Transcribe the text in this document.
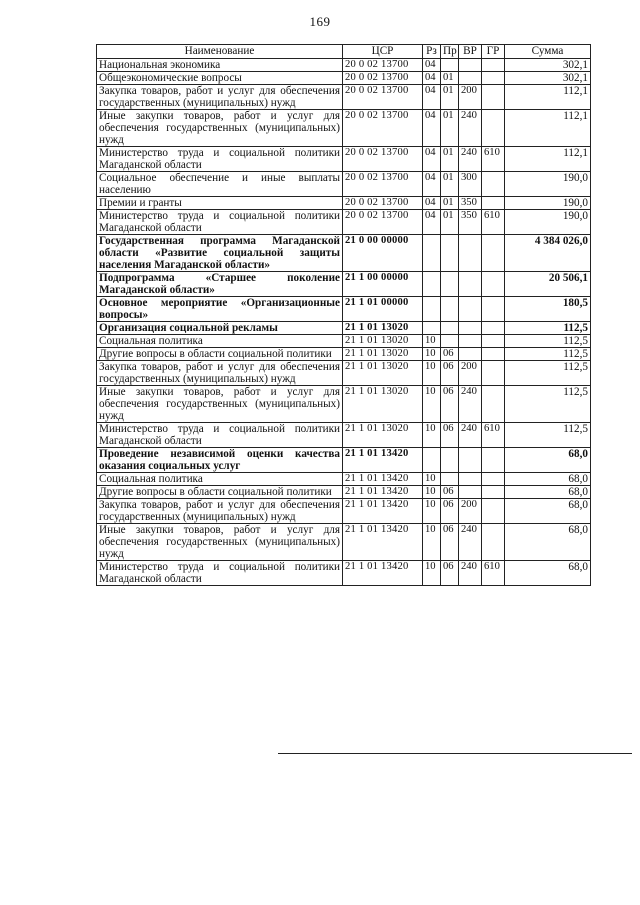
169
Наименование	ЦСР	Рз	Пр	ВР	ГР	Сумма
Национальная экономика	20 0 02 13700	04				302,1
Общеэкономические вопросы	20 0 02 13700	04	01			302,1
Закупка товаров, работ и услуг для обеспечения государственных (муниципальных) нужд	20 0 02 13700	04	01	200		112,1
Иные закупки товаров, работ и услуг для обеспечения государственных (муниципальных) нужд	20 0 02 13700	04	01	240		112,1
Министерство труда и социальной политики Магаданской области	20 0 02 13700	04	01	240	610	112,1
Социальное обеспечение и иные выплаты населению	20 0 02 13700	04	01	300		190,0
Премии и гранты	20 0 02 13700	04	01	350		190,0
Министерство труда и социальной политики Магаданской области	20 0 02 13700	04	01	350	610	190,0
Государственная программа Магаданской области «Развитие социальной защиты населения Магаданской области»	21 0 00 00000					4 384 026,0
Подпрограмма «Старшее поколение Магаданской области»	21 1 00 00000					20 506,1
Основное мероприятие «Организационные вопросы»	21 1 01 00000					180,5
Организация социальной рекламы	21 1 01 13020					112,5
Социальная политика	21 1 01 13020	10				112,5
Другие вопросы в области социальной политики	21 1 01 13020	10	06			112,5
Закупка товаров, работ и услуг для обеспечения государственных (муниципальных) нужд	21 1 01 13020	10	06	200		112,5
Иные закупки товаров, работ и услуг для обеспечения государственных (муниципальных) нужд	21 1 01 13020	10	06	240		112,5
Министерство труда и социальной политики Магаданской области	21 1 01 13020	10	06	240	610	112,5
Проведение независимой оценки качества оказания социальных услуг	21 1 01 13420					68,0
Социальная политика	21 1 01 13420	10				68,0
Другие вопросы в области социальной политики	21 1 01 13420	10	06			68,0
Закупка товаров, работ и услуг для обеспечения государственных (муниципальных) нужд	21 1 01 13420	10	06	200		68,0
Иные закупки товаров, работ и услуг для обеспечения государственных (муниципальных) нужд	21 1 01 13420	10	06	240		68,0
Министерство труда и социальной политики Магаданской области	21 1 01 13420	10	06	240	610	68,0
